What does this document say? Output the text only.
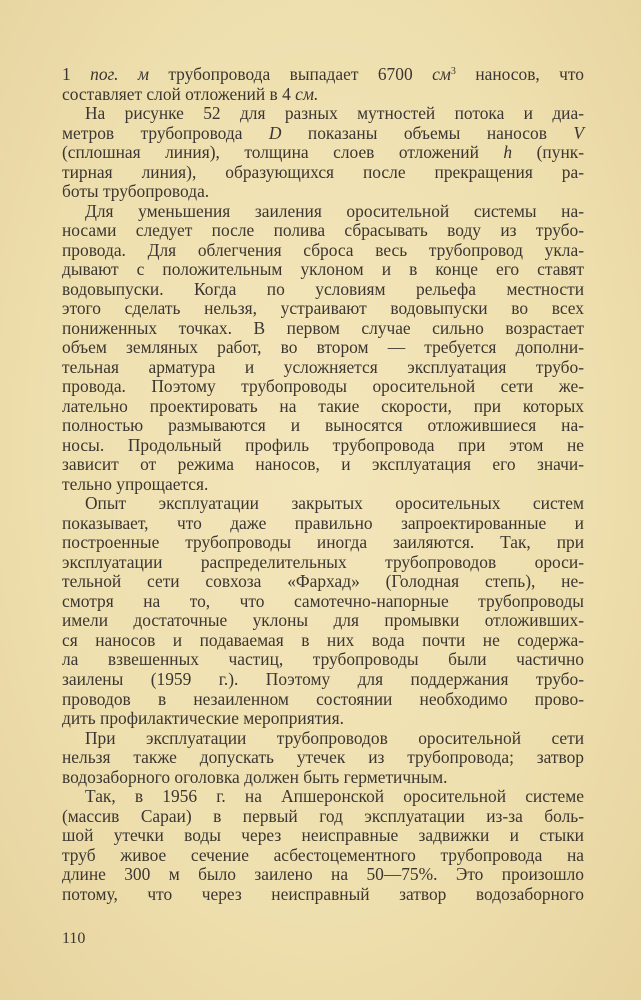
1 пог. м трубопровода выпадает 6700 $см^3$ наносов, что
составляет слой отложений в 4 см.
На рисунке 52 для разных мутностей потока и диа-
метров трубопровода D показаны объемы наносов V
(сплошная линия), толщина слоев отложений h (пунк-
тирная линия), образующихся после прекращения ра-
боты трубопровода.
Для уменьшения заиления оросительной системы на-
носами следует после полива сбрасывать воду из трубо-
провода. Для облегчения сброса весь трубопровод укла-
дывают с положительным уклоном и в конце его ставят
водовыпуски. Когда по условиям рельефа местности
этого сделать нельзя, устраивают водовыпуски во всех
пониженных точках. В первом случае сильно возрастает
объем земляных работ, во втором — требуется дополни-
тельная арматура и усложняется эксплуатация трубо-
провода. Поэтому трубопроводы оросительной сети же-
лательно проектировать на такие скорости, при которых
полностью размываются и выносятся отложившиеся на-
носы. Продольный профиль трубопровода при этом не
зависит от режима наносов, и эксплуатация его значи-
тельно упрощается.
Опыт эксплуатации закрытых оросительных систем
показывает, что даже правильно запроектированные и
построенные трубопроводы иногда заиляются. Так, при
эксплуатации распределительных трубопроводов ороси-
тельной сети совхоза «Фархад» (Голодная степь), не-
смотря на то, что самотечно-напорные трубопроводы
имели достаточные уклоны для промывки отложивших-
ся наносов и подаваемая в них вода почти не содержа-
ла взвешенных частиц, трубопроводы были частично
заилены (1959 г.). Поэтому для поддержания трубо-
проводов в незаиленном состоянии необходимо прово-
дить профилактические мероприятия.
При эксплуатации трубопроводов оросительной сети
нельзя также допускать утечек из трубопровода; затвор
водозаборного оголовка должен быть герметичным.
Так, в 1956 г. на Апшеронской оросительной системе
(массив Сараи) в первый год эксплуатации из-за боль-
шой утечки воды через неисправные задвижки и стыки
труб живое сечение асбестоцементного трубопровода на
длине 300 м было заилено на 50—75%. Это произошло
потому, что через неисправный затвор водозаборного
110
